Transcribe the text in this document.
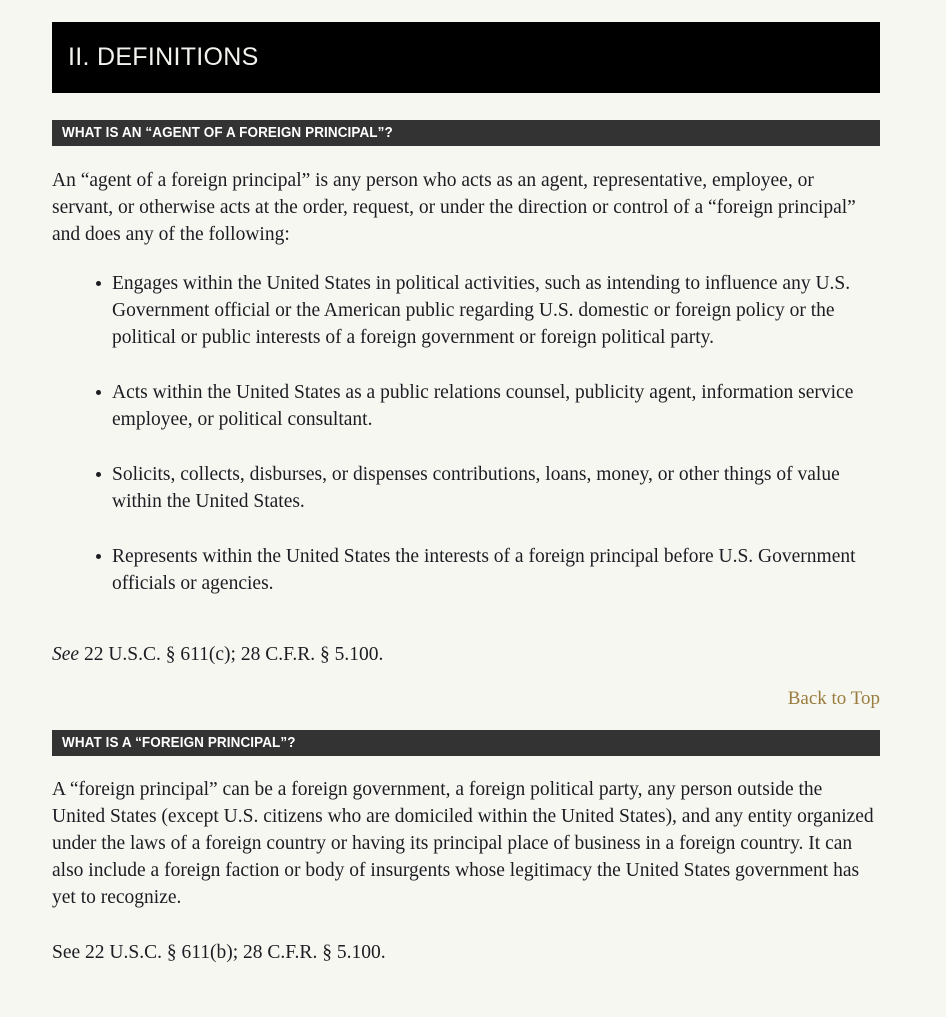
II. DEFINITIONS
WHAT IS AN “AGENT OF A FOREIGN PRINCIPAL”?

An “agent of a foreign principal” is any person who acts as an agent, representative, employee, or servant, or otherwise acts at the order, request, or under the direction or control of a “foreign principal” and does any of the following:

Engages within the United States in political activities, such as intending to influence any U.S. Government official or the American public regarding U.S. domestic or foreign policy or the political or public interests of a foreign government or foreign political party.
Acts within the United States as a public relations counsel, publicity agent, information service employee, or political consultant.
Solicits, collects, disburses, or dispenses contributions, loans, money, or other things of value within the United States.
Represents within the United States the interests of a foreign principal before U.S. Government officials or agencies.

See 22 U.S.C. § 611(c); 28 C.F.R. § 5.100.

Back to Top
WHAT IS A “FOREIGN PRINCIPAL”?

A “foreign principal” can be a foreign government, a foreign political party, any person outside the United States (except U.S. citizens who are domiciled within the United States), and any entity organized under the laws of a foreign country or having its principal place of business in a foreign country. It can also include a foreign faction or body of insurgents whose legitimacy the United States government has yet to recognize.

See 22 U.S.C. § 611(b); 28 C.F.R. § 5.100.
